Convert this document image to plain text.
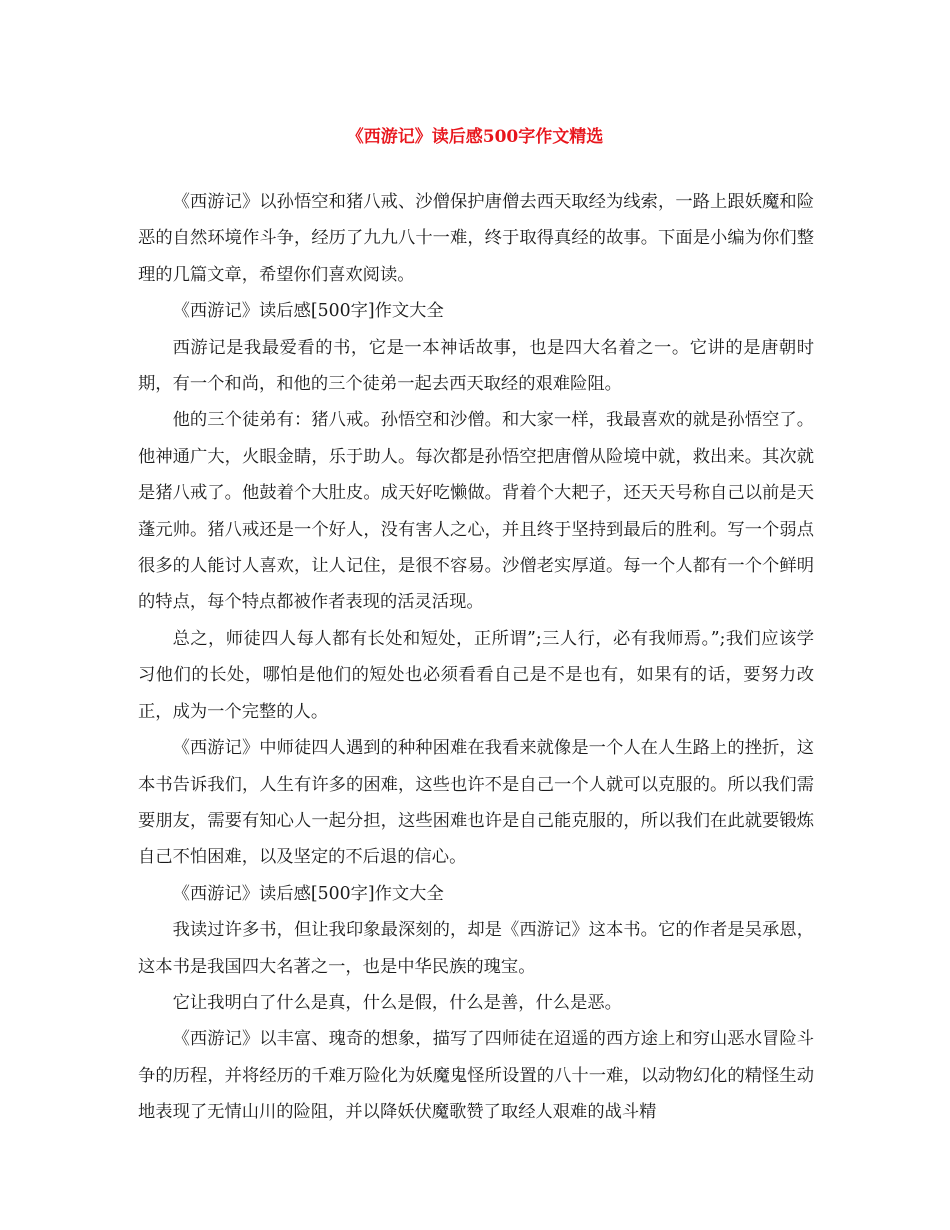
《西游记》读后感500字作文精选

《西游记》以孙悟空和猪八戒、沙僧保护唐僧去西天取经为线索，一路上跟妖魔和险恶的自然环境作斗争，经历了九九八十一难，终于取得真经的故事。下面是小编为你们整理的几篇文章，希望你们喜欢阅读。

《西游记》读后感[500字]作文大全

西游记是我最爱看的书，它是一本神话故事，也是四大名着之一。它讲的是唐朝时期，有一个和尚，和他的三个徒弟一起去西天取经的艰难险阻。

他的三个徒弟有：猪八戒。孙悟空和沙僧。和大家一样，我最喜欢的就是孙悟空了。他神通广大，火眼金睛，乐于助人。每次都是孙悟空把唐僧从险境中就，救出来。其次就是猪八戒了。他鼓着个大肚皮。成天好吃懒做。背着个大耙子，还天天号称自己以前是天蓬元帅。猪八戒还是一个好人，没有害人之心，并且终于坚持到最后的胜利。写一个弱点很多的人能讨人喜欢，让人记住，是很不容易。沙僧老实厚道。每一个人都有一个个鲜明的特点，每个特点都被作者表现的活灵活现。

总之，师徒四人每人都有长处和短处，正所谓”;三人行，必有我师焉。”;我们应该学习他们的长处，哪怕是他们的短处也必须看看自己是不是也有，如果有的话，要努力改正，成为一个完整的人。

《西游记》中师徒四人遇到的种种困难在我看来就像是一个人在人生路上的挫折，这本书告诉我们，人生有许多的困难，这些也许不是自己一个人就可以克服的。所以我们需要朋友，需要有知心人一起分担，这些困难也许是自己能克服的，所以我们在此就要锻炼自己不怕困难，以及坚定的不后退的信心。

《西游记》读后感[500字]作文大全

我读过许多书，但让我印象最深刻的，却是《西游记》这本书。它的作者是吴承恩，这本书是我国四大名著之一，也是中华民族的瑰宝。

它让我明白了什么是真，什么是假，什么是善，什么是恶。

《西游记》以丰富、瑰奇的想象，描写了四师徒在迢遥的西方途上和穷山恶水冒险斗争的历程，并将经历的千难万险化为妖魔鬼怪所设置的八十一难，以动物幻化的精怪生动地表现了无情山川的险阻，并以降妖伏魔歌赞了取经人艰难的战斗精
